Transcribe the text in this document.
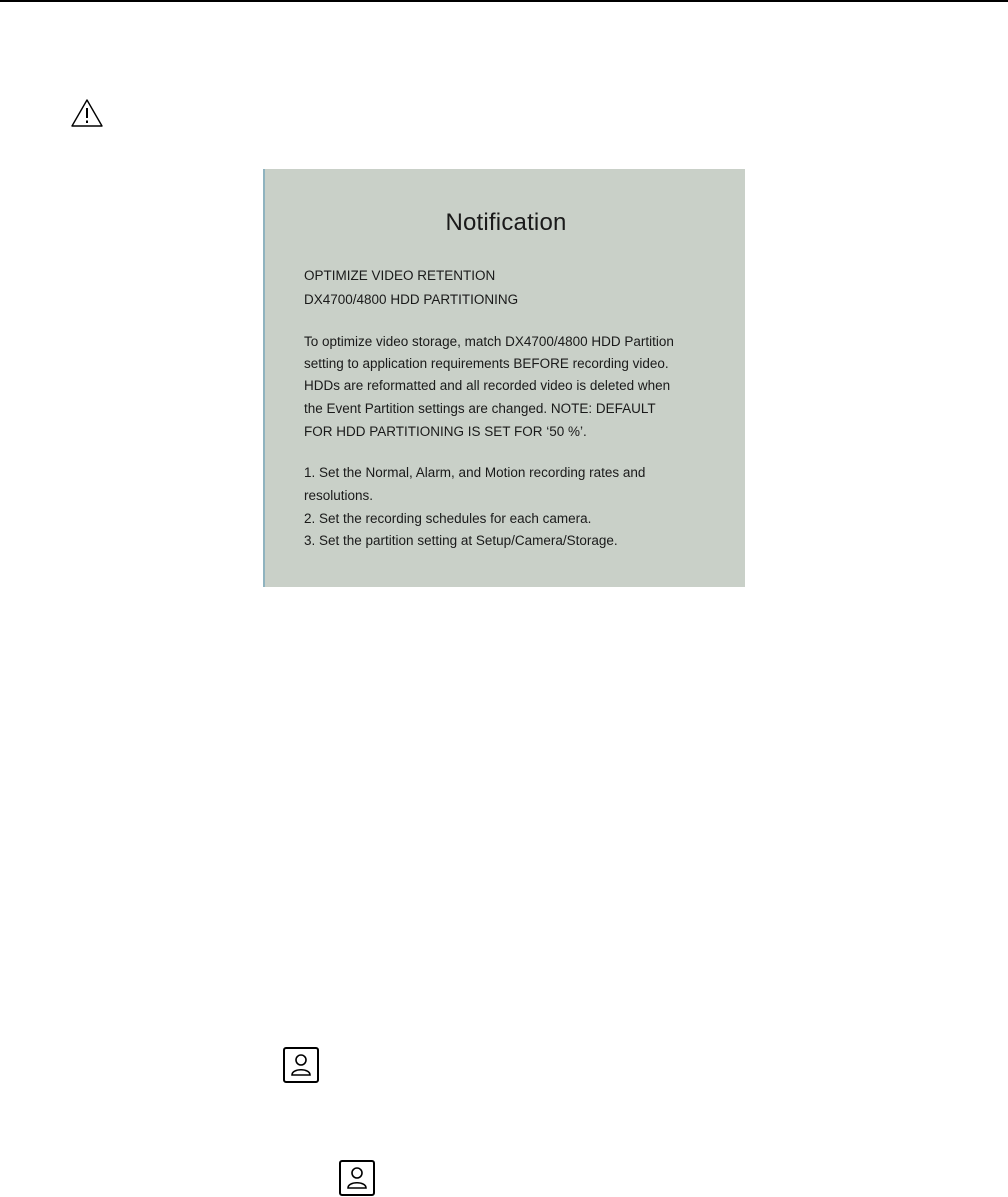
Notification
OPTIMIZE VIDEO RETENTION
DX4700/4800 HDD PARTITIONING
To optimize video storage, match DX4700/4800 HDD Partition
setting to application requirements BEFORE recording video.
HDDs are reformatted and all recorded video is deleted when
the Event Partition settings are changed. NOTE: DEFAULT
FOR HDD PARTITIONING IS SET FOR ‘50 %’.
1. Set the Normal, Alarm, and Motion recording rates and
resolutions.
2. Set the recording schedules for each camera.
3. Set the partition setting at Setup/Camera/Storage.
